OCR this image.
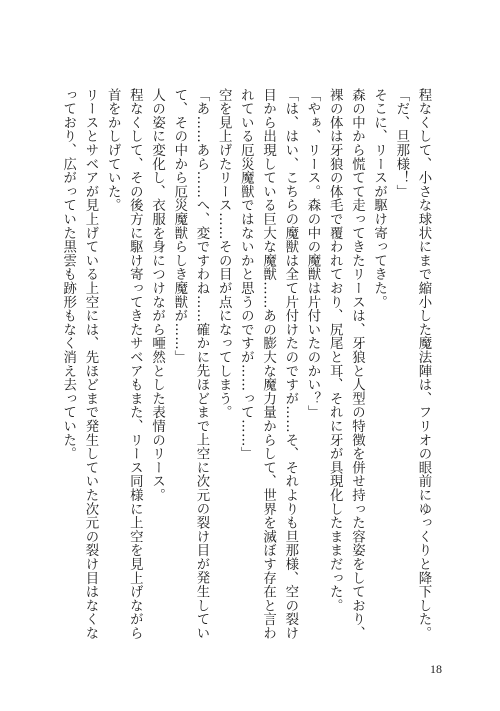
程なくして、小さな球状にまで縮小した魔法陣は、フリオの眼前にゆっくりと降下した。

「だ、旦那様！」

そこに、リースが駆け寄ってきた。

森の中から慌てて走ってきたリースは、牙狼と人型の特徴を併せ持った容姿をしており、裸の体は牙狼の体毛で覆われており、尻尾と耳、それに牙が具現化したままだった。

「やぁ、リース。森の中の魔獣は片付いたのかい？」

「は、はい、こちらの魔獣は全て片付けたのですが……そ、それよりも旦那様、空の裂け目から出現している巨大な魔獣……あの膨大な魔力量からして、世界を滅ぼす存在と言われている厄災魔獣ではないかと思うのですが……って……」

空を見上げたリース……その目が点になってしまう。

「あ……あら……へ、変ですわね……確かに先ほどまで上空に次元の裂け目が発生していて、その中から厄災魔獣らしき魔獣が……」

人の姿に変化し、衣服を身につけながら唖然とした表情のリース。

程なくして、その後方に駆け寄ってきたサベアもまた、リース同様に上空を見上げながら首をかしげていた。

リースとサベアが見上げている上空には、先ほどまで発生していた次元の裂け目はなくなっており、広がっていた黒雲も跡形もなく消え去っていた。

18
